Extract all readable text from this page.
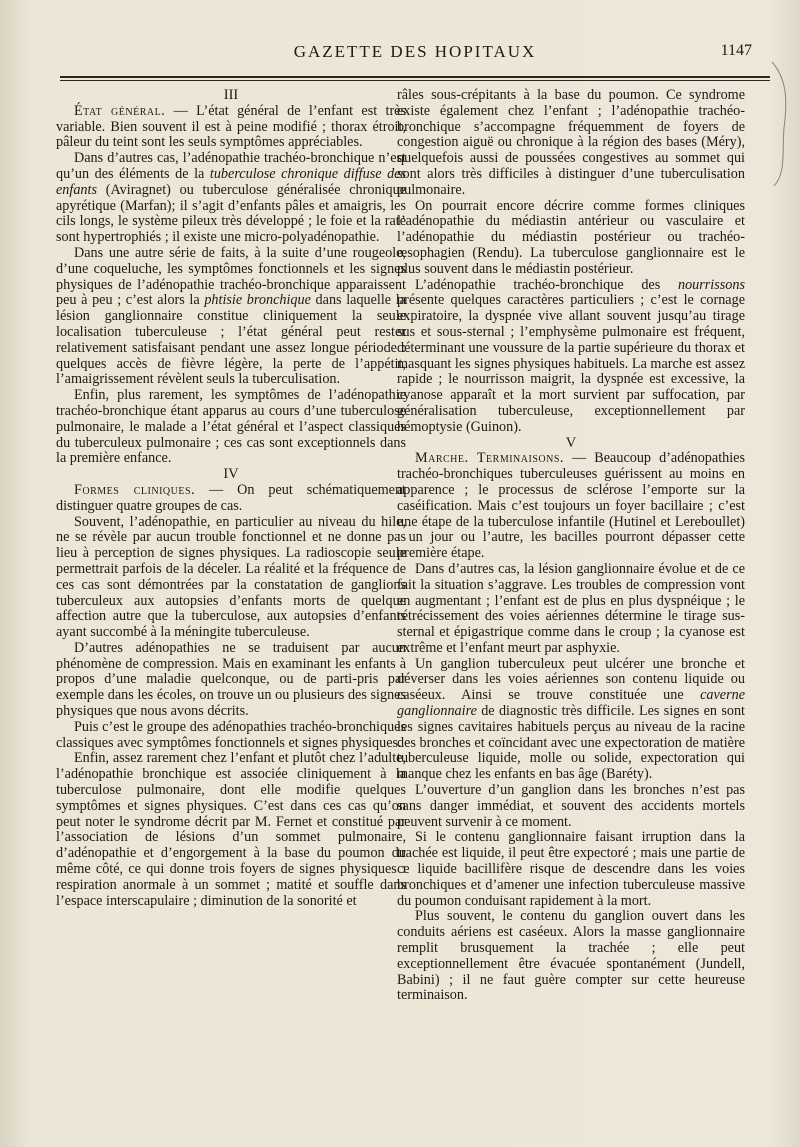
GAZETTE DES HOPITAUX	1147

III

État général. — L’état général de l’enfant est très variable. Bien souvent il est à peine modifié ; thorax étroit, pâleur du teint sont les seuls symptômes appréciables.

Dans d’autres cas, l’adénopathie trachéo-bronchique n’est qu’un des éléments de la tuberculose chronique diffuse des enfants (Aviragnet) ou tuberculose généralisée chronique apyrétique (Marfan); il s’agit d’enfants pâles et amaigris, les cils longs, le système pileux très développé ; le foie et la rate sont hypertrophiés ; il existe une micro-polyadénopathie.

Dans une autre série de faits, à la suite d’une rougeole, d’une coqueluche, les symptômes fonctionnels et les signes physiques de l’adénopathie trachéo-bronchique apparaissent peu à peu ; c’est alors la phtisie bronchique dans laquelle la lésion ganglionnaire constitue cliniquement la seule localisation tuberculeuse ; l’état général peut rester relativement satisfaisant pendant une assez longue période : quelques accès de fièvre légère, la perte de l’appétit, l’amaigrissement révèlent seuls la tuberculisation.

Enfin, plus rarement, les symptômes de l’adénopathie trachéo-bronchique étant apparus au cours d’une tuberculose pulmonaire, le malade a l’état général et l’aspect classiques du tuberculeux pulmonaire ; ces cas sont exceptionnels dans la première enfance.

IV

Formes cliniques. — On peut schématiquement distinguer quatre groupes de cas.

Souvent, l’adénopathie, en particulier au niveau du hile, ne se révèle par aucun trouble fonctionnel et ne donne pas lieu à perception de signes physiques. La radioscopie seule permettrait parfois de la déceler. La réalité et la fréquence de ces cas sont démontrées par la constatation de ganglions tuberculeux aux autopsies d’enfants morts de quelque affection autre que la tuberculose, aux autopsies d’enfants ayant succombé à la méningite tuberculeuse.

D’autres adénopathies ne se traduisent par aucun phénomène de compression. Mais en examinant les enfants à propos d’une maladie quelconque, ou de parti-pris par exemple dans les écoles, on trouve un ou plusieurs des signes physiques que nous avons décrits.

Puis c’est le groupe des adénopathies trachéo-bronchiques classiques avec symptômes fonctionnels et signes physiques.

Enfin, assez rarement chez l’enfant et plutôt chez l’adulte, l’adénopathie bronchique est associée cliniquement à la tuberculose pulmonaire, dont elle modifie quelques symptômes et signes physiques. C’est dans ces cas qu’on peut noter le syndrome décrit par M. Fernet et constitué par l’association de lésions d’un sommet pulmonaire, d’adénopathie et d’engorgement à la base du poumon du même côté, ce qui donne trois foyers de signes physiques : respiration anormale à un sommet ; matité et souffle dans l’espace interscapulaire ; diminution de la sonorité et

râles sous-crépitants à la base du poumon. Ce syndrome existe également chez l’enfant ; l’adénopathie trachéo-bronchique s’accompagne fréquemment de foyers de congestion aiguë ou chronique à la région des bases (Méry), quelquefois aussi de poussées congestives au sommet qui sont alors très difficiles à distinguer d’une tuberculisation pulmonaire.

On pourrait encore décrire comme formes cliniques l’adénopathie du médiastin antérieur ou vasculaire et l’adénopathie du médiastin postérieur ou trachéo-œsophagien (Rendu). La tuberculose ganglionnaire est le plus souvent dans le médiastin postérieur.

L’adénopathie trachéo-bronchique des nourrissons présente quelques caractères particuliers ; c’est le cornage expiratoire, la dyspnée vive allant souvent jusqu’au tirage sus et sous-sternal ; l’emphysème pulmonaire est fréquent, déterminant une voussure de la partie supérieure du thorax et masquant les signes physiques habituels. La marche est assez rapide ; le nourrisson maigrit, la dyspnée est excessive, la cyanose apparaît et la mort survient par suffocation, par généralisation tuberculeuse, exceptionnellement par hémoptysie (Guinon).

V

Marche. Terminaisons. — Beaucoup d’adénopathies trachéo-bronchiques tuberculeuses guérissent au moins en apparence ; le processus de sclérose l’emporte sur la caséification. Mais c’est toujours un foyer bacillaire ; c’est une étape de la tuberculose infantile (Hutinel et Lereboullet) : un jour ou l’autre, les bacilles pourront dépasser cette première étape.

Dans d’autres cas, la lésion ganglionnaire évolue et de ce fait la situation s’aggrave. Les troubles de compression vont en augmentant ; l’enfant est de plus en plus dyspnéique ; le rétrécissement des voies aériennes détermine le tirage sus-sternal et épigastrique comme dans le croup ; la cyanose est extrême et l’enfant meurt par asphyxie.

Un ganglion tuberculeux peut ulcérer une bronche et déverser dans les voies aériennes son contenu liquide ou caséeux. Ainsi se trouve constituée une caverne ganglionnaire de diagnostic très difficile. Les signes en sont les signes cavitaires habituels perçus au niveau de la racine des bronches et coïncidant avec une expectoration de matière tuberculeuse liquide, molle ou solide, expectoration qui manque chez les enfants en bas âge (Baréty).

L’ouverture d’un ganglion dans les bronches n’est pas sans danger immédiat, et souvent des accidents mortels peuvent survenir à ce moment.

Si le contenu ganglionnaire faisant irruption dans la trachée est liquide, il peut être expectoré ; mais une partie de ce liquide bacillifère risque de descendre dans les voies bronchiques et d’amener une infection tuberculeuse massive du poumon conduisant rapidement à la mort.

Plus souvent, le contenu du ganglion ouvert dans les conduits aériens est caséeux. Alors la masse ganglionnaire remplit brusquement la trachée ; elle peut exceptionnellement être évacuée spontanément (Jundell, Babini) ; il ne faut guère compter sur cette heureuse terminaison.
